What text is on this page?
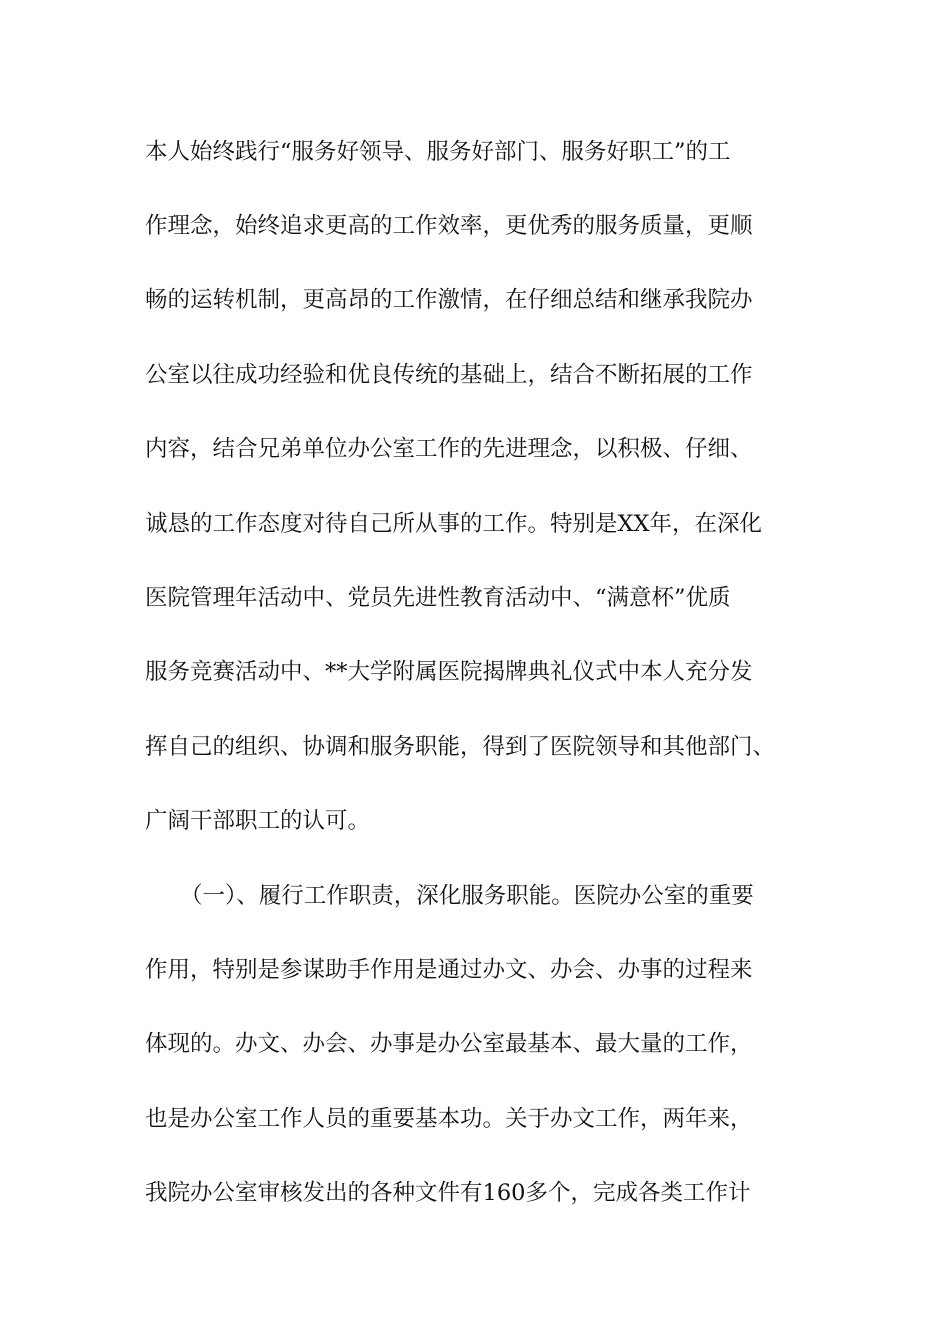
本人始终践行“服务好领导、服务好部门、服务好职工”的工
作理念，始终追求更高的工作效率，更优秀的服务质量，更顺
畅的运转机制，更高昂的工作激情，在仔细总结和继承我院办
公室以往成功经验和优良传统的基础上，结合不断拓展的工作
内容，结合兄弟单位办公室工作的先进理念，以积极、仔细、
诚恳的工作态度对待自己所从事的工作。特别是XX年，在深化
医院管理年活动中、党员先进性教育活动中、“满意杯”优质
服务竞赛活动中、**大学附属医院揭牌典礼仪式中本人充分发
挥自己的组织、协调和服务职能，得到了医院领导和其他部门、
广阔干部职工的认可。
（一）、履行工作职责，深化服务职能。医院办公室的重要
作用，特别是参谋助手作用是通过办文、办会、办事的过程来
体现的。办文、办会、办事是办公室最基本、最大量的工作，
也是办公室工作人员的重要基本功。关于办文工作，两年来，
我院办公室审核发出的各种文件有160多个，完成各类工作计
